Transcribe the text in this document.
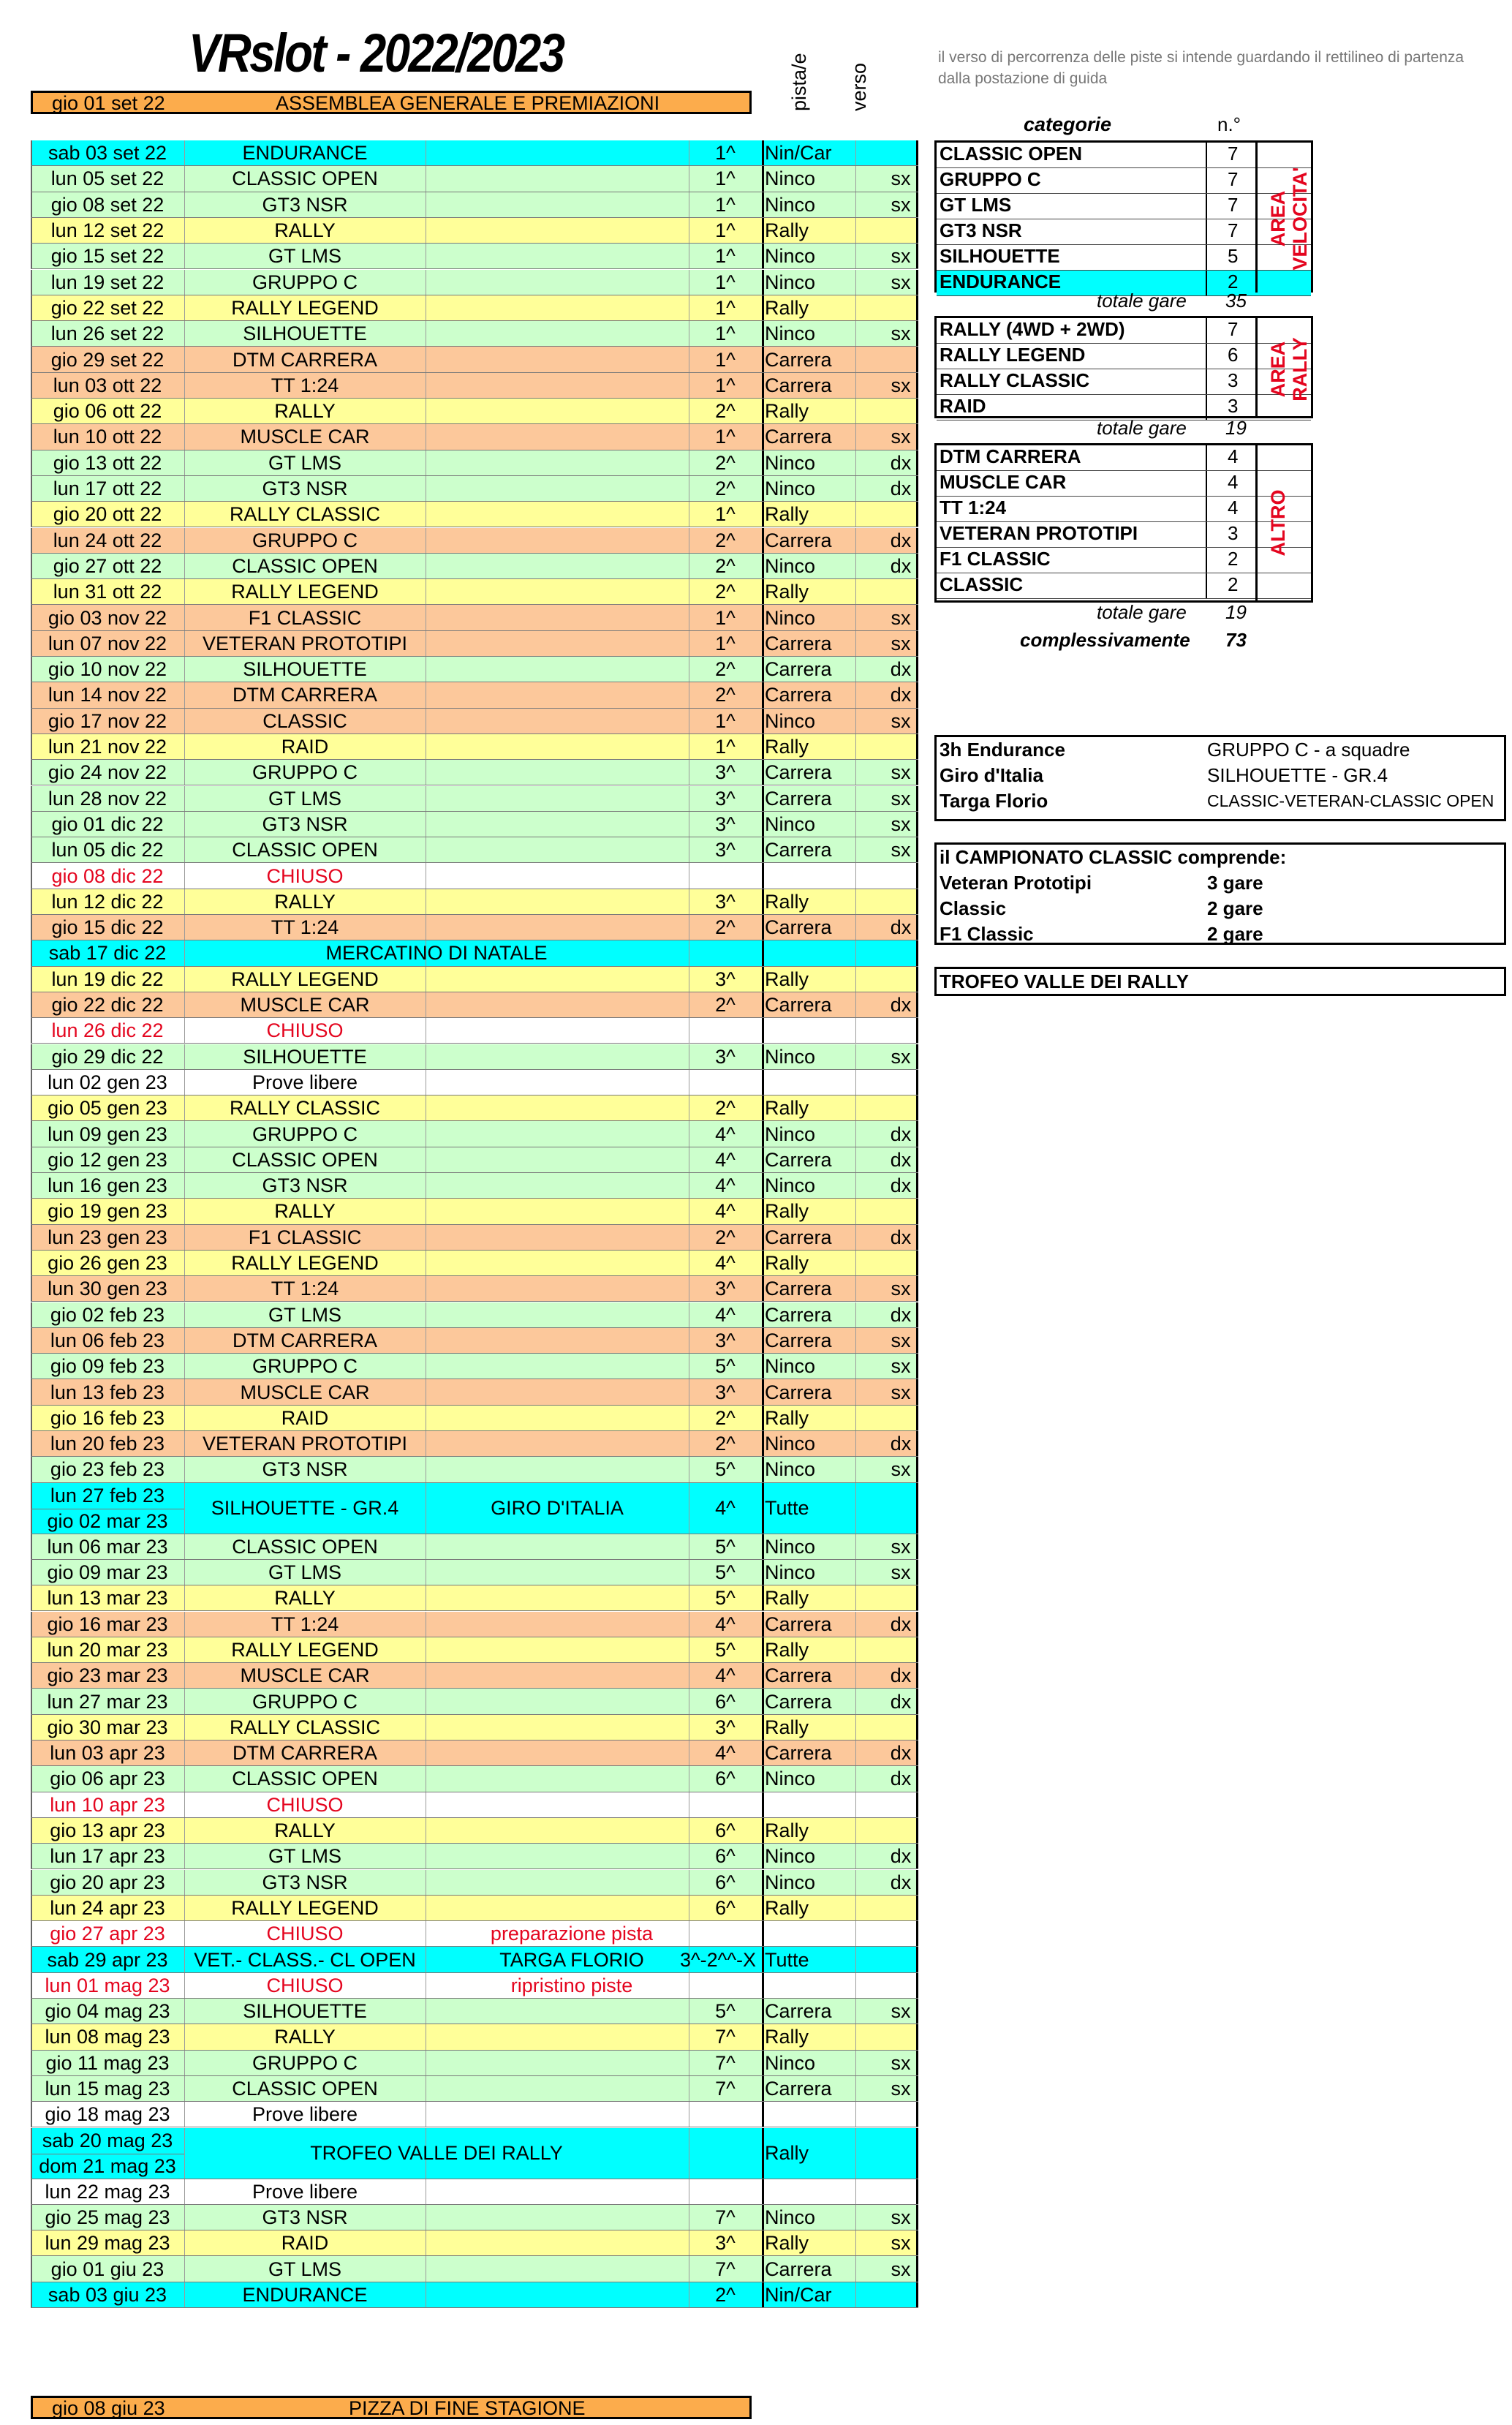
VRslot - 2022/2023	pista/e verso
il verso di percorrenza delle piste si intende guardando il rettilineo di partenza dalla postazione di guida
gio 01 set 22	ASSEMBLEA GENERALE E PREMIAZIONI
sab 03 set 22	ENDURANCE	1^	Nin/Car
lun 05 set 22	CLASSIC OPEN	1^	Ninco	sx
gio 08 set 22	GT3 NSR	1^	Ninco	sx
lun 12 set 22	RALLY	1^	Rally
gio 15 set 22	GT LMS	1^	Ninco	sx
lun 19 set 22	GRUPPO C	1^	Ninco	sx
gio 22 set 22	RALLY LEGEND	1^	Rally
lun 26 set 22	SILHOUETTE	1^	Ninco	sx
gio 29 set 22	DTM CARRERA	1^	Carrera
lun 03 ott 22	TT 1:24	1^	Carrera	sx
gio 06 ott 22	RALLY	2^	Rally
lun 10 ott 22	MUSCLE CAR	1^	Carrera	sx
gio 13 ott 22	GT LMS	2^	Ninco	dx
lun 17 ott 22	GT3 NSR	2^	Ninco	dx
gio 20 ott 22	RALLY CLASSIC	1^	Rally
lun 24 ott 22	GRUPPO C	2^	Carrera	dx
gio 27 ott 22	CLASSIC OPEN	2^	Ninco	dx
lun 31 ott 22	RALLY LEGEND	2^	Rally
gio 03 nov 22	F1 CLASSIC	1^	Ninco	sx
lun 07 nov 22	VETERAN PROTOTIPI	1^	Carrera	sx
gio 10 nov 22	SILHOUETTE	2^	Carrera	dx
lun 14 nov 22	DTM CARRERA	2^	Carrera	dx
gio 17 nov 22	CLASSIC	1^	Ninco	sx
lun 21 nov 22	RAID	1^	Rally
gio 24 nov 22	GRUPPO C	3^	Carrera	sx
lun 28 nov 22	GT LMS	3^	Carrera	sx
gio 01 dic 22	GT3 NSR	3^	Ninco	sx
lun 05 dic 22	CLASSIC OPEN	3^	Carrera	sx
gio 08 dic 22	CHIUSO
lun 12 dic 22	RALLY	3^	Rally
gio 15 dic 22	TT 1:24	2^	Carrera	dx
sab 17 dic 22	MERCATINO DI NATALE
lun 19 dic 22	RALLY LEGEND	3^	Rally
gio 22 dic 22	MUSCLE CAR	2^	Carrera	dx
lun 26 dic 22	CHIUSO
gio 29 dic 22	SILHOUETTE	3^	Ninco	sx
lun 02 gen 23	Prove libere
gio 05 gen 23	RALLY CLASSIC	2^	Rally
lun 09 gen 23	GRUPPO C	4^	Ninco	dx
gio 12 gen 23	CLASSIC OPEN	4^	Carrera	dx
lun 16 gen 23	GT3 NSR	4^	Ninco	dx
gio 19 gen 23	RALLY	4^	Rally
lun 23 gen 23	F1 CLASSIC	2^	Carrera	dx
gio 26 gen 23	RALLY LEGEND	4^	Rally
lun 30 gen 23	TT 1:24	3^	Carrera	sx
gio 02 feb 23	GT LMS	4^	Carrera	dx
lun 06 feb 23	DTM CARRERA	3^	Carrera	sx
gio 09 feb 23	GRUPPO C	5^	Ninco	sx
lun 13 feb 23	MUSCLE CAR	3^	Carrera	sx
gio 16 feb 23	RAID	2^	Rally
lun 20 feb 23	VETERAN PROTOTIPI	2^	Ninco	dx
gio 23 feb 23	GT3 NSR	5^	Ninco	sx
lun 27 feb 23
gio 02 mar 23
SILHOUETTE - GR.4	GIRO D'ITALIA	4^	Tutte
lun 06 mar 23	CLASSIC OPEN	5^	Ninco	sx
gio 09 mar 23	GT LMS	5^	Ninco	sx
lun 13 mar 23	RALLY	5^	Rally
gio 16 mar 23	TT 1:24	4^	Carrera	dx
lun 20 mar 23	RALLY LEGEND	5^	Rally
gio 23 mar 23	MUSCLE CAR	4^	Carrera	dx
lun 27 mar 23	GRUPPO C	6^	Carrera	dx
gio 30 mar 23	RALLY CLASSIC	3^	Rally
lun 03 apr 23	DTM CARRERA	4^	Carrera	dx
gio 06 apr 23	CLASSIC OPEN	6^	Ninco	dx
lun 10 apr 23	CHIUSO
gio 13 apr 23	RALLY	6^	Rally
lun 17 apr 23	GT LMS	6^	Ninco	dx
gio 20 apr 23	GT3 NSR	6^	Ninco	dx
lun 24 apr 23	RALLY LEGEND	6^	Rally
gio 27 apr 23	CHIUSO	preparazione pista
sab 29 apr 23	VET.- CLASS.- CL OPEN	TARGA FLORIO	3^-2^^-X Tutte
lun 01 mag 23	CHIUSO	ripristino piste
gio 04 mag 23	SILHOUETTE	5^	Carrera	sx
lun 08 mag 23	RALLY	7^	Rally
gio 11 mag 23	GRUPPO C	7^	Ninco	sx
lun 15 mag 23	CLASSIC OPEN	7^	Carrera	sx
gio 18 mag 23	Prove libere
sab 20 mag 23
dom 21 mag 23
TROFEO VALLE DEI RALLY	Rally
lun 22 mag 23	Prove libere
gio 25 mag 23	GT3 NSR	7^	Ninco	sx
lun 29 mag 23	RAID	3^	Rally	sx
gio 01 giu 23	GT LMS	7^	Carrera	sx
sab 03 giu 23	ENDURANCE	2^	Nin/Car
gio 08 giu 23	PIZZA DI FINE STAGIONE
categorie	n.°
CLASSIC OPEN	7
GRUPPO C	7
GT LMS	7
GT3 NSR	7
SILHOUETTE	5
ENDURANCE	2
AREA VELOCITA'
RALLY (4WD + 2WD)	7
RALLY LEGEND	6
RALLY CLASSIC	3
RAID	3
AREA RALLY
DTM CARRERA	4
MUSCLE CAR	4
TT 1:24	4
VETERAN PROTOTIPI	3
F1 CLASSIC	2
CLASSIC	2
ALTRO
totale gare 35
totale gare 19
totale gare 19
complessivamente 73
3h Endurance	GRUPPO C - a squadre
Giro d'Italia	SILHOUETTE - GR.4
Targa Florio	CLASSIC-VETERAN-CLASSIC OPEN
il CAMPIONATO CLASSIC comprende:
Veteran Prototipi	3 gare
Classic	2 gare
F1 Classic	2 gare
TROFEO VALLE DEI RALLY
